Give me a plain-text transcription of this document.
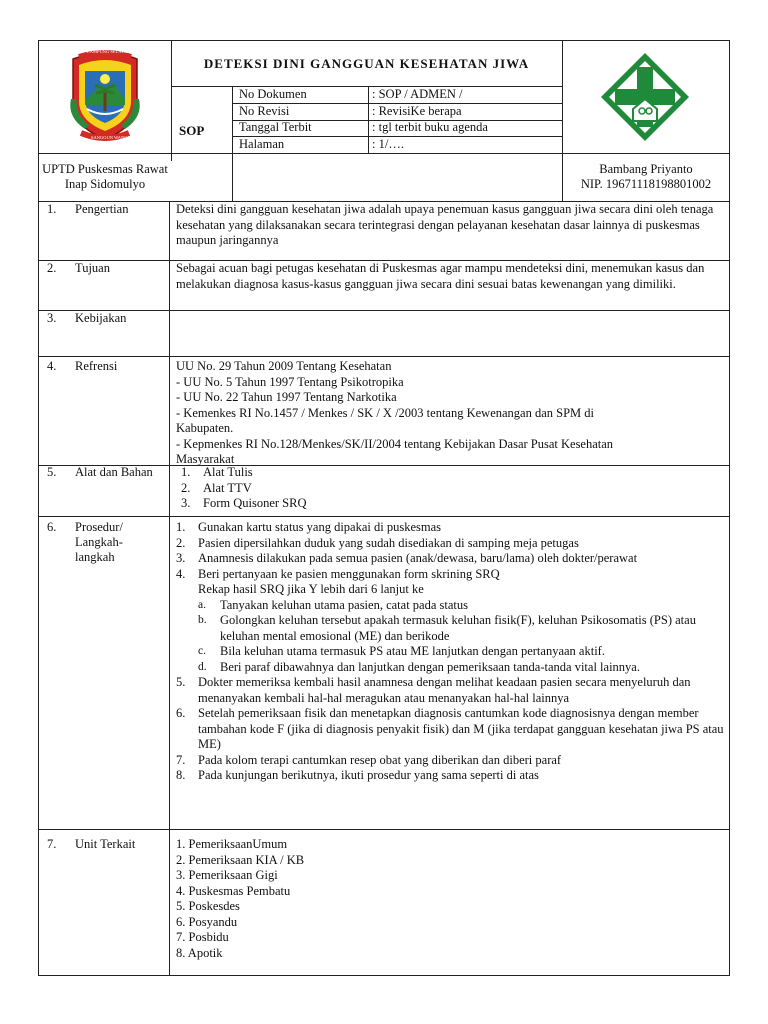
LAMPUNG SELATAN
SANGGUN WANGIKAN
DETEKSI DINI GANGGUAN KESEHATAN JIWA
SOP
No Dokumen	: SOP / ADMEN /
No Revisi	: RevisiKe berapa
Tanggal Terbit	: tgl terbit buku agenda
Halaman	: 1/….
UPTD Puskesmas Rawat
Inap Sidomulyo
Bambang Priyanto
NIP. 19671118198801002
1. Pengertian	Deteksi dini gangguan kesehatan jiwa adalah upaya penemuan kasus gangguan jiwa secara dini oleh tenaga kesehatan yang dilaksanakan secara terintegrasi dengan pelayanan kesehatan dasar lainnya di puskesmas maupun jaringannya
2. Tujuan	Sebagai acuan bagi petugas kesehatan di Puskesmas agar mampu mendeteksi dini, menemukan kasus dan melakukan diagnosa kasus-kasus gangguan jiwa secara dini sesuai batas kewenangan yang dimiliki.
3. Kebijakan
4. Refrensi	UU No. 29 Tahun 2009 Tentang Kesehatan
- UU No. 5 Tahun 1997 Tentang Psikotropika
- UU No. 22 Tahun 1997 Tentang Narkotika
- Kemenkes RI No.1457 / Menkes / SK / X /2003 tentang Kewenangan dan SPM di
Kabupaten.
- Kepmenkes RI No.128/Menkes/SK/II/2004 tentang Kebijakan Dasar Pusat Kesehatan
Masyarakat
5. Alat dan Bahan 1. Alat Tulis
2. Alat TTV
3. Form Quisoner SRQ
6. Prosedur/
Langkah-
langkah
1. Gunakan kartu status yang dipakai di puskesmas
2. Pasien dipersilahkan duduk yang sudah disediakan di samping meja petugas
3. Anamnesis dilakukan pada semua pasien (anak/dewasa, baru/lama) oleh dokter/perawat
4. Beri pertanyaan ke pasien menggunakan form skrining SRQ
Rekap hasil SRQ jika Y lebih dari 6 lanjut ke
a. Tanyakan keluhan utama pasien, catat pada status
b. Golongkan keluhan tersebut apakah termasuk keluhan fisik(F), keluhan Psikosomatis (PS) atau keluhan mental emosional (ME) dan berikode
c. Bila keluhan utama termasuk PS atau ME lanjutkan dengan pertanyaan aktif.
d. Beri paraf dibawahnya dan lanjutkan dengan pemeriksaan tanda-tanda vital lainnya.
5. Dokter memeriksa kembali hasil anamnesa dengan melihat keadaan pasien secara menyeluruh dan menanyakan kembali hal-hal meragukan atau menanyakan hal-hal lainnya
6. Setelah pemeriksaan fisik dan menetapkan diagnosis cantumkan kode diagnosisnya dengan member tambahan kode F (jika di diagnosis penyakit fisik) dan M (jika terdapat gangguan kesehatan jiwa PS atau ME)
7. Pada kolom terapi cantumkan resep obat yang diberikan dan diberi paraf
8. Pada kunjungan berikutnya, ikuti prosedur yang sama seperti di atas
7. Unit Terkait	1. PemeriksaanUmum
2. Pemeriksaan KIA / KB
3. Pemeriksaan Gigi
4. Puskesmas Pembatu
5. Poskesdes
6. Posyandu
7. Posbidu
8. Apotik
